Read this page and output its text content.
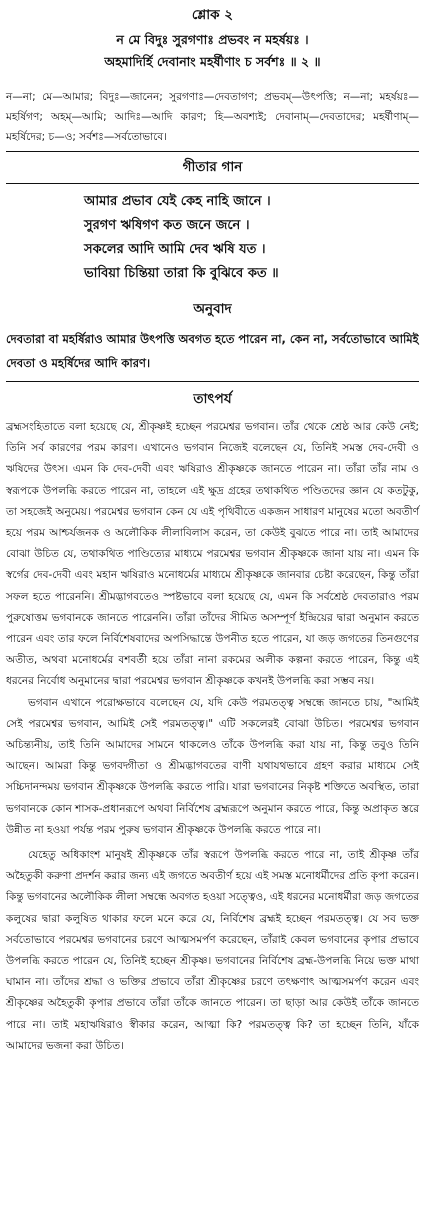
শ্লোক ২

ন মে বিদুঃ সুরগণাঃ প্রভবং ন মহর্ষয়ঃ ।

অহমাদির্হি দেবানাং মহর্ষীণাং চ সর্বশঃ ॥ ২ ॥

ন—না; মে—আমার; বিদুঃ—জানেন; সুরগণাঃ—দেবতাগণ; প্রভবম্—উৎপত্তি; ন—না; মহর্ষয়ঃ—মহর্ষিগণ; অহম্—আমি; আদিঃ—আদি কারণ; হি—অবশ্যই; দেবানাম্—দেবতাদের; মহর্ষীণাম্—মহর্ষিদের; চ—ও; সর্বশঃ—সর্বতোভাবে।

গীতার গান

আমার প্রভাব যেই কেহ নাহি জানে ।

সুরগণ ঋষিগণ কত জনে জনে ।

সকলের আদি আমি দেব ঋষি যত ।

ভাবিয়া চিন্তিয়া তারা কি বুঝিবে কত ॥

অনুবাদ

দেবতারা বা মহর্ষিরাও আমার উৎপত্তি অবগত হতে পারেন না, কেন না, সর্বতোভাবে আমিই দেবতা ও মহর্ষিদের আদি কারণ।

তাৎপর্য

ব্রহ্মসংহিতাতে বলা হয়েছে যে, শ্রীকৃষ্ণই হচ্ছেন পরমেশ্বর ভগবান। তাঁর থেকে শ্রেষ্ঠ আর কেউ নেই; তিনি সর্ব কারণের পরম কারণ। এখানেও ভগবান নিজেই বলেছেন যে, তিনিই সমস্ত দেব-দেবী ও ঋষিদের উৎস। এমন কি দেব-দেবী এবং ঋষিরাও শ্রীকৃষ্ণকে জানতে পারেন না। তাঁরা তাঁর নাম ও স্বরূপকে উপলব্ধি করতে পারেন না, তাহলে এই ক্ষুদ্র গ্রহের তথাকথিত পণ্ডিতদের জ্ঞান যে কতটুকু, তা সহজেই অনুমেয়। পরমেশ্বর ভগবান কেন যে এই পৃথিবীতে একজন সাধারণ মানুষের মতো অবতীর্ণ হয়ে পরম আশ্চর্যজনক ও অলৌকিক লীলাবিলাস করেন, তা কেউই বুঝতে পারে না। তাই আমাদের বোঝা উচিত যে, তথাকথিত পাণ্ডিত্যের মাধ্যমে পরমেশ্বর ভগবান শ্রীকৃষ্ণকে জানা যায় না। এমন কি স্বর্গের দেব-দেবী এবং মহান ঋষিরাও মনোধর্মের মাধ্যমে শ্রীকৃষ্ণকে জানবার চেষ্টা করেছেন, কিন্তু তাঁরা সফল হতে পারেননি। শ্রীমদ্ভাগবতেও স্পষ্টভাবে বলা হয়েছে যে, এমন কি সর্বশ্রেষ্ঠ দেবতারাও পরম পুরুষোত্তম ভগবানকে জানতে পারেননি। তাঁরা তাঁদের সীমিত অসম্পূর্ণ ইন্দ্রিয়ের দ্বারা অনুমান করতে পারেন এবং তার ফলে নির্বিশেষবাদের অপসিদ্ধান্তে উপনীত হতে পারেন, যা জড় জগতের তিনগুণের অতীত, অথবা মনোধর্মের বশবর্তী হয়ে তাঁরা নানা রকমের অলীক কল্পনা করতে পারেন, কিন্তু এই ধরনের নির্বোধ অনুমানের দ্বারা পরমেশ্বর ভগবান শ্রীকৃষ্ণকে কখনই উপলব্ধি করা সম্ভব নয়।

ভগবান এখানে পরোক্ষভাবে বলেছেন যে, যদি কেউ পরমতত্ত্ব সম্বন্ধে জানতে চায়, "আমিই সেই পরমেশ্বর ভগবান, আমিই সেই পরমতত্ত্ব।" এটি সকলেরই বোঝা উচিত। পরমেশ্বর ভগবান অচিন্ত্যনীয়, তাই তিনি আমাদের সামনে থাকলেও তাঁকে উপলব্ধি করা যায় না, কিন্তু তবুও তিনি আছেন। আমরা কিন্তু ভগবদ্গীতা ও শ্রীমদ্ভাগবতের বাণী যথাযথভাবে গ্রহণ করার মাধ্যমে সেই সচ্চিদানন্দময় ভগবান শ্রীকৃষ্ণকে উপলব্ধি করতে পারি। যারা ভগবানের নিকৃষ্ট শক্তিতে অবস্থিত, তারা ভগবানকে কোন শাসক-প্রধানরূপে অথবা নির্বিশেষ ব্রহ্মরূপে অনুমান করতে পারে, কিন্তু অপ্রাকৃত স্তরে উন্নীত না হওয়া পর্যন্ত পরম পুরুষ ভগবান শ্রীকৃষ্ণকে উপলব্ধি করতে পারে না।

যেহেতু অধিকাংশ মানুষই শ্রীকৃষ্ণকে তাঁর স্বরূপে উপলব্ধি করতে পারে না, তাই শ্রীকৃষ্ণ তাঁর অহৈতুকী করুণা প্রদর্শন করার জন্য এই জগতে অবতীর্ণ হয়ে এই সমস্ত মনোধর্মীদের প্রতি কৃপা করেন। কিন্তু ভগবানের অলৌকিক লীলা সম্বন্ধে অবগত হওয়া সত্ত্বেও, এই ধরনের মনোধর্মীরা জড় জগতের কলুষের দ্বারা কলুষিত থাকার ফলে মনে করে যে, নির্বিশেষ ব্রহ্মই হচ্ছেন পরমতত্ত্ব। যে সব ভক্ত সর্বতোভাবে পরমেশ্বর ভগবানের চরণে আত্মসমর্পণ করেছেন, তাঁরাই কেবল ভগবানের কৃপার প্রভাবে উপলব্ধি করতে পারেন যে, তিনিই হচ্ছেন শ্রীকৃষ্ণ। ভগবানের নির্বিশেষ ব্রহ্ম-উপলব্ধি নিয়ে ভক্ত মাথা ঘামান না। তাঁদের শ্রদ্ধা ও ভক্তির প্রভাবে তাঁরা শ্রীকৃষ্ণের চরণে তৎক্ষণাৎ আত্মসমর্পণ করেন এবং শ্রীকৃষ্ণের অহৈতুকী কৃপার প্রভাবে তাঁরা তাঁকে জানতে পারেন। তা ছাড়া আর কেউই তাঁকে জানতে পারে না। তাই মহাঋষিরাও স্বীকার করেন, আত্মা কি? পরমতত্ত্ব কি? তা হচ্ছেন তিনি, যাঁকে আমাদের ভজনা করা উচিত।
